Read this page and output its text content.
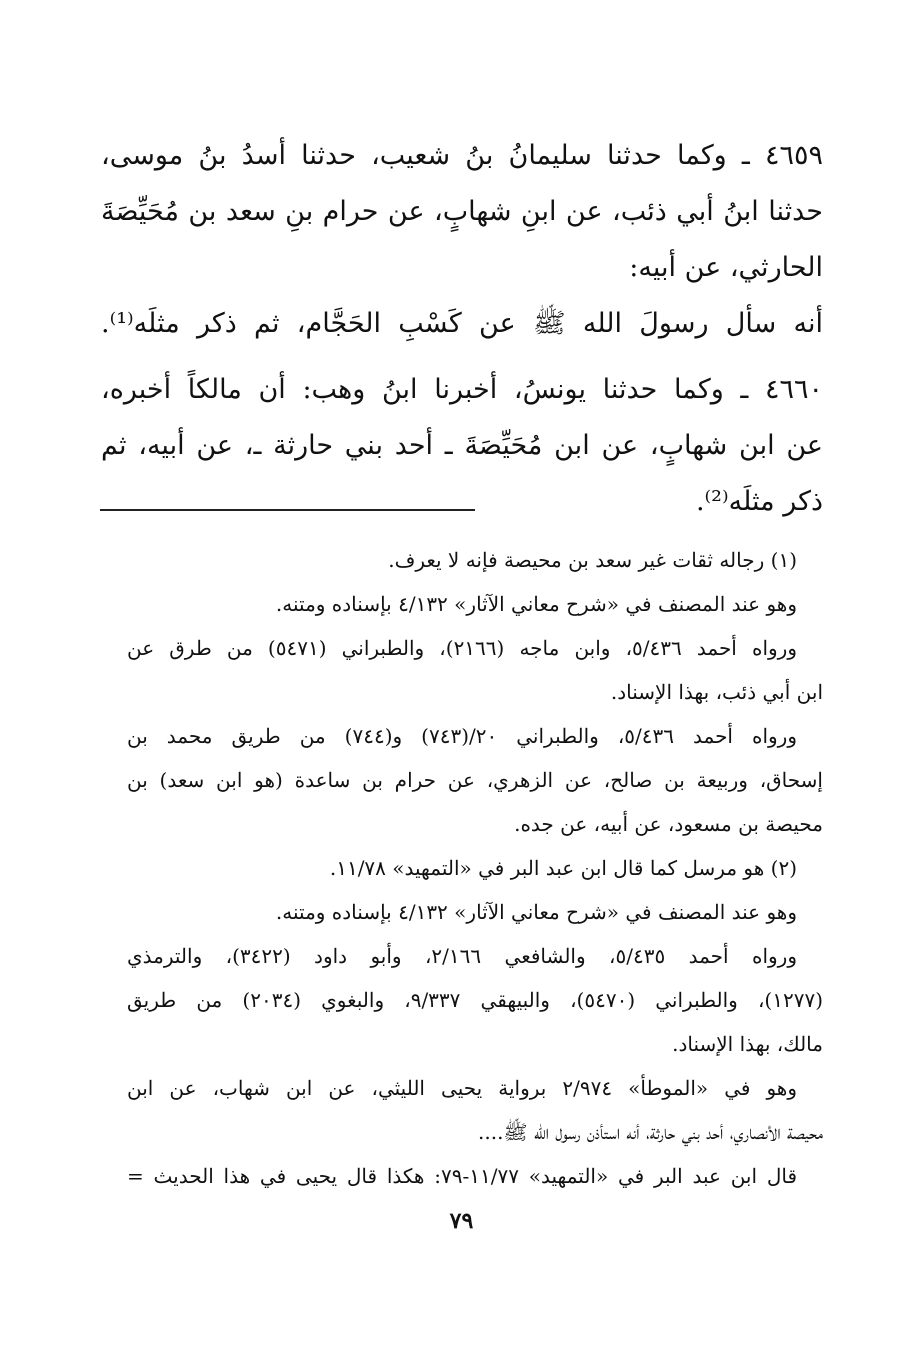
٤٦٥٩ ـ وكما حدثنا سليمانُ بنُ شعيب، حدثنا أسدُ بنُ موسى،
حدثنا ابنُ أبي ذئب، عن ابنِ شهابٍ، عن حرام بنِ سعد بن مُحَيِّصَةَ
الحارثي، عن أبيه:
أنه سأل رسولَ الله ﷺ عن كَسْبِ الحَجَّام، ثم ذكر مثلَه⁽¹⁾.
٤٦٦٠ ـ وكما حدثنا يونسُ، أخبرنا ابنُ وهب: أن مالكاً أخبره،
عن ابن شهابٍ، عن ابن مُحَيِّصَةَ ـ أحد بني حارثة ـ، عن أبيه، ثم
ذكر مثلَه⁽²⁾.
(١) رجاله ثقات غير سعد بن محيصة فإنه لا يعرف.
وهو عند المصنف في «شرح معاني الآثار» ٤/١٣٢ بإسناده ومتنه.
ورواه أحمد ٥/٤٣٦، وابن ماجه (٢١٦٦)، والطبراني (٥٤٧١) من طرق عن
ابن أبي ذئب، بهذا الإسناد.
ورواه أحمد ٥/٤٣٦، والطبراني ٢٠/(٧٤٣) و(٧٤٤) من طريق محمد بن
إسحاق، وربيعة بن صالح، عن الزهري، عن حرام بن ساعدة (هو ابن سعد) بن
محيصة بن مسعود، عن أبيه، عن جده.
(٢) هو مرسل كما قال ابن عبد البر في «التمهيد» ١١/٧٨.
وهو عند المصنف في «شرح معاني الآثار» ٤/١٣٢ بإسناده ومتنه.
ورواه أحمد ٥/٤٣٥، والشافعي ٢/١٦٦، وأبو داود (٣٤٢٢)، والترمذي
(١٢٧٧)، والطبراني (٥٤٧٠)، والبيهقي ٩/٣٣٧، والبغوي (٢٠٣٤) من طريق
مالك، بهذا الإسناد.
وهو في «الموطأ» ٢/٩٧٤ برواية يحيى الليثي، عن ابن شهاب، عن ابن
محيصة الأنصاري، أحد بني حارثة، أنه استأذن رسول الله ﷺ....
قال ابن عبد البر في «التمهيد» ١١/٧٧-٧٩: هكذا قال يحيى في هذا الحديث =
٧٩
